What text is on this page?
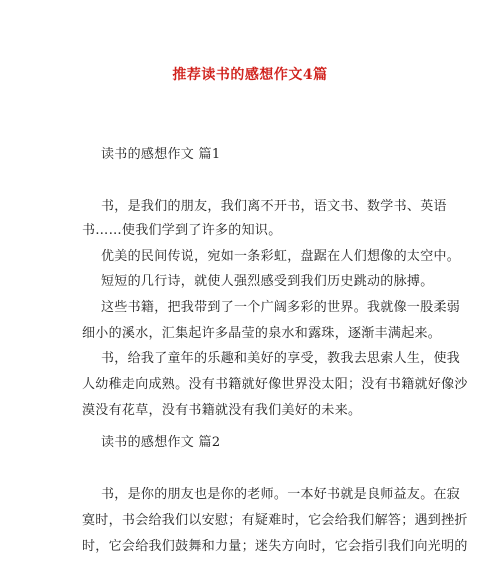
推荐读书的感想作文4篇
读书的感想作文 篇1
书，是我们的朋友，我们离不开书，语文书、数学书、英语
书……使我们学到了许多的知识。
优美的民间传说，宛如一条彩虹，盘踞在人们想像的太空中。
短短的几行诗，就使人强烈感受到我们历史跳动的脉搏。
这些书籍，把我带到了一个广阔多彩的世界。我就像一股柔弱
细小的溪水，汇集起许多晶莹的泉水和露珠，逐渐丰满起来。
书，给我了童年的乐趣和美好的享受，教我去思索人生，使我
人幼稚走向成熟。没有书籍就好像世界没太阳；没有书籍就好像沙
漠没有花草，没有书籍就没有我们美好的未来。
读书的感想作文 篇2
书，是你的朋友也是你的老师。一本好书就是良师益友。在寂
寞时，书会给我们以安慰；有疑难时，它会给我们解答；遇到挫折
时，它会给我们鼓舞和力量；迷失方向时，它会指引我们向光明的
